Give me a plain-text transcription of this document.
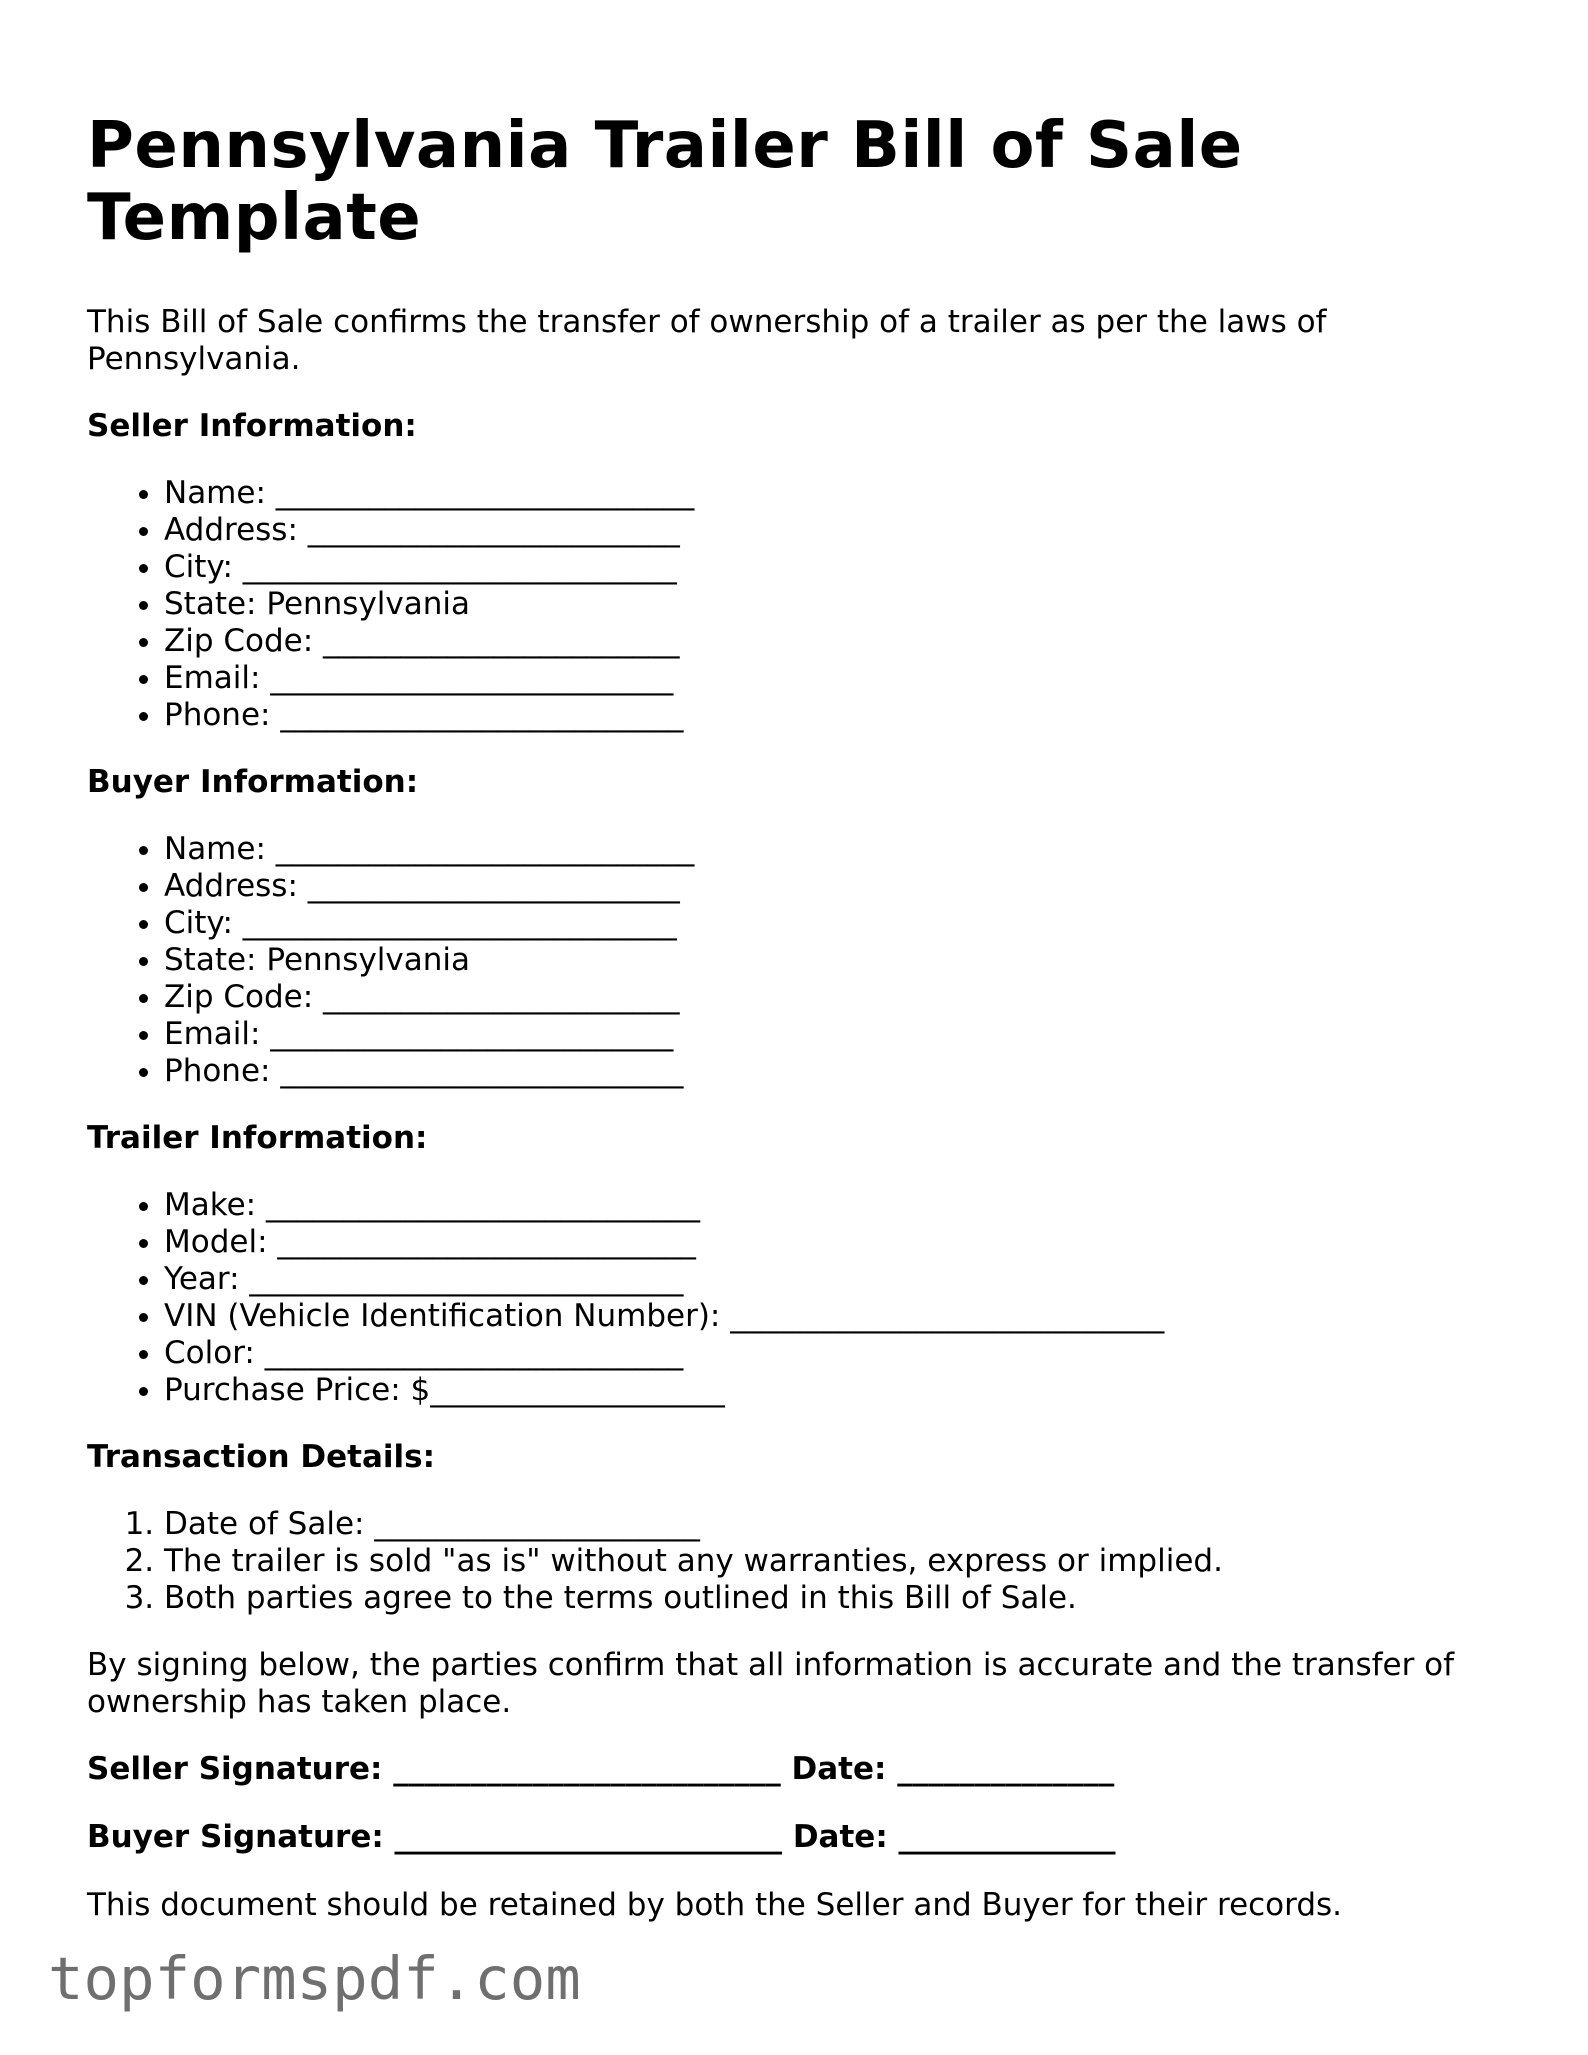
Pennsylvania Trailer Bill of Sale Template

This Bill of Sale confirms the transfer of ownership of a trailer as per the laws of Pennsylvania.

Seller Information:
• Name: ___________________________
• Address: ________________________
• City: ____________________________
• State: Pennsylvania
• Zip Code: _______________________
• Email: __________________________
• Phone: __________________________
Buyer Information:
• Name: ___________________________
• Address: ________________________
• City: ____________________________
• State: Pennsylvania
• Zip Code: _______________________
• Email: __________________________
• Phone: __________________________
Trailer Information:
• Make: ____________________________
• Model: ___________________________
• Year: ____________________________
• VIN (Vehicle Identification Number): ____________________________
• Color: ___________________________
• Purchase Price: $___________________
Transaction Details:
1. Date of Sale: _____________________
2. The trailer is sold "as is" without any warranties, express or implied.
3. Both parties agree to the terms outlined in this Bill of Sale.

By signing below, the parties confirm that all information is accurate and the transfer of ownership has taken place.

Seller Signature: _________________________ Date: ______________
Buyer Signature: _________________________ Date: ______________

This document should be retained by both the Seller and Buyer for their records.

topformspdf.com
